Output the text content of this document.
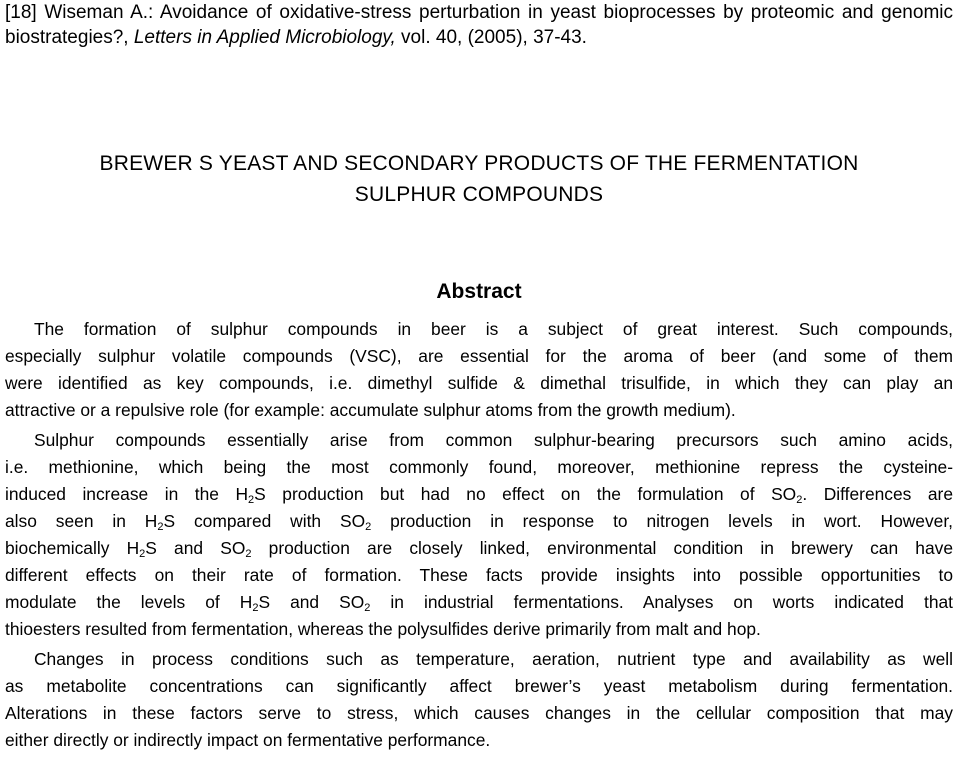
[18] Wiseman A.: Avoidance of oxidative-stress perturbation in yeast bioprocesses by proteomic and genomic biostrategies?, Letters in Applied Microbiology, vol. 40, (2005), 37-43.

BREWER S YEAST AND SECONDARY PRODUCTS OF THE FERMENTATION
SULPHUR COMPOUNDS
Abstract
The formation of sulphur compounds in beer is a subject of great interest. Such compounds,
especially sulphur volatile compounds (VSC), are essential for the aroma of beer (and some of them
were identified as key compounds, i.e. dimethyl sulfide & dimethal trisulfide, in which they can play an
attractive or a repulsive role (for example: accumulate sulphur atoms from the growth medium).
Sulphur compounds essentially arise from common sulphur-bearing precursors such amino acids,
i.e. methionine, which being the most commonly found, moreover, methionine repress the cysteine-
induced increase in the $H_2S$ production but had no effect on the formulation of $SO_2$. Differences are
also seen in $H_2S$ compared with $SO_2$ production in response to nitrogen levels in wort. However,
biochemically $H_2S$ and $SO_2$ production are closely linked, environmental condition in brewery can have
different effects on their rate of formation. These facts provide insights into possible opportunities to
modulate the levels of $H_2S$ and $SO_2$ in industrial fermentations. Analyses on worts indicated that
thioesters resulted from fermentation, whereas the polysulfides derive primarily from malt and hop.
Changes in process conditions such as temperature, aeration, nutrient type and availability as well
as metabolite concentrations can significantly affect brewer’s yeast metabolism during fermentation.
Alterations in these factors serve to stress, which causes changes in the cellular composition that may
either directly or indirectly impact on fermentative performance.
